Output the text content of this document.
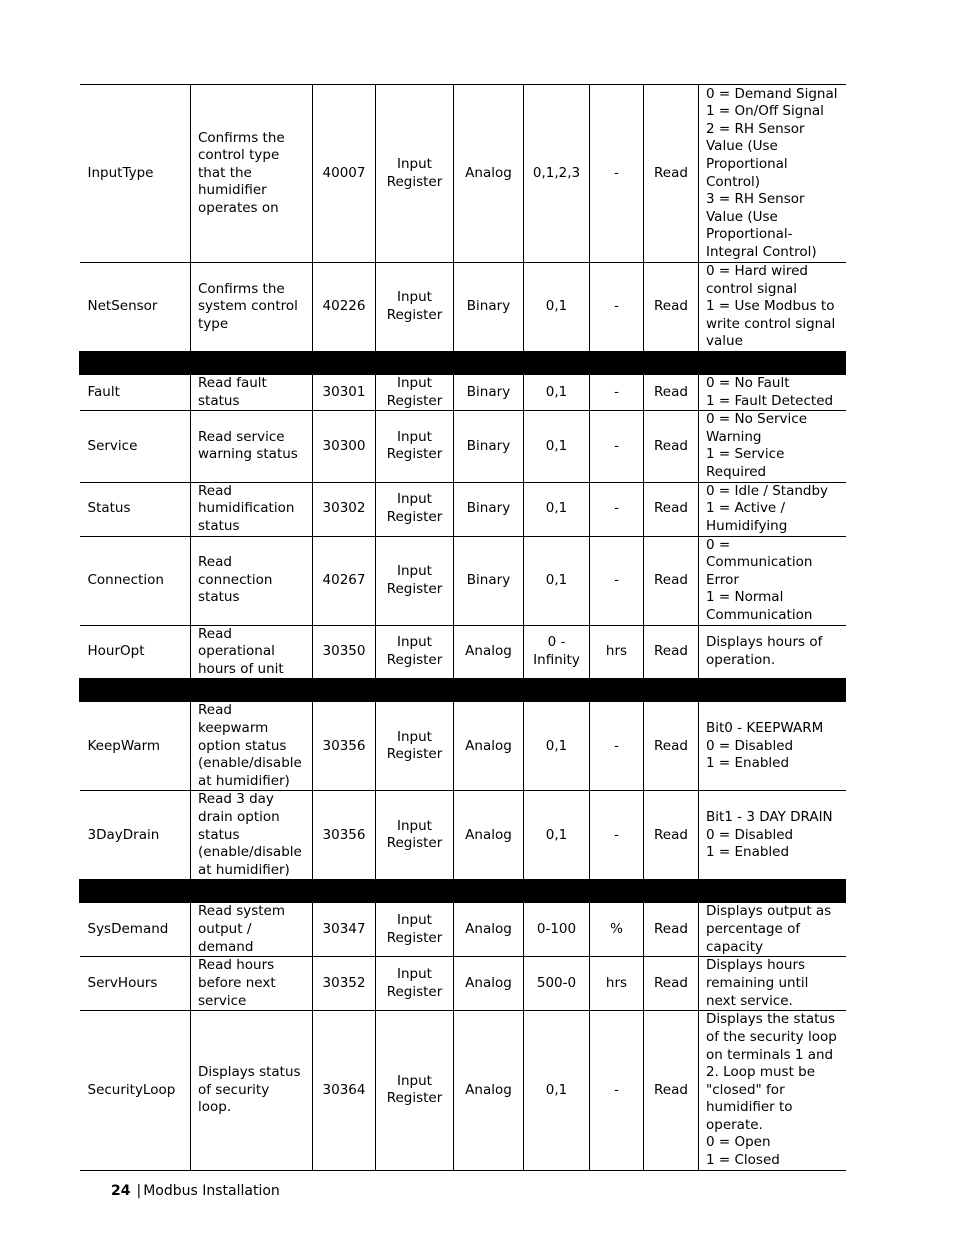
InputType	Confirms the control type that the humidifier operates on	40007	Input Register	Analog	0,1,2,3	-	Read	0 = Demand Signal
1 = On/Off Signal
2 = RH Sensor Value (Use Proportional Control)
3 = RH Sensor Value (Use Proportional-Integral Control)
NetSensor	Confirms the system control type	40226	Input Register	Binary	0,1	-	Read	0 = Hard wired control signal
1 = Use Modbus to write control signal value

Fault	Read fault status	30301	Input Register	Binary	0,1	-	Read	0 = No Fault
1 = Fault Detected
Service	Read service warning status	30300	Input Register	Binary	0,1	-	Read	0 = No Service Warning
1 = Service Required
Status	Read humidification status	30302	Input Register	Binary	0,1	-	Read	0 = Idle / Standby
1 = Active / Humidifying
Connection	Read connection status	40267	Input Register	Binary	0,1	-	Read	0 = Communication Error
1 = Normal Communication
HourOpt	Read operational hours of unit	30350	Input Register	Analog	0 - Infinity	hrs	Read	Displays hours of operation.

KeepWarm	Read keepwarm option status (enable/disable at humidifier)	30356	Input Register	Analog	0,1	-	Read	Bit0 - KEEPWARM
0 = Disabled
1 = Enabled
3DayDrain	Read 3 day drain option status (enable/disable at humidifier)	30356	Input Register	Analog	0,1	-	Read	Bit1 - 3 DAY DRAIN
0 = Disabled
1 = Enabled

SysDemand	Read system output / demand	30347	Input Register	Analog	0-100	%	Read	Displays output as percentage of capacity
ServHours	Read hours before next service	30352	Input Register	Analog	500-0	hrs	Read	Displays hours remaining until next service.
SecurityLoop	Displays status of security loop.	30364	Input Register	Analog	0,1	-	Read	Displays the status of the security loop on terminals 1 and 2. Loop must be "closed" for humidifier to operate.
0 = Open
1 = Closed
24 | Modbus Installation
